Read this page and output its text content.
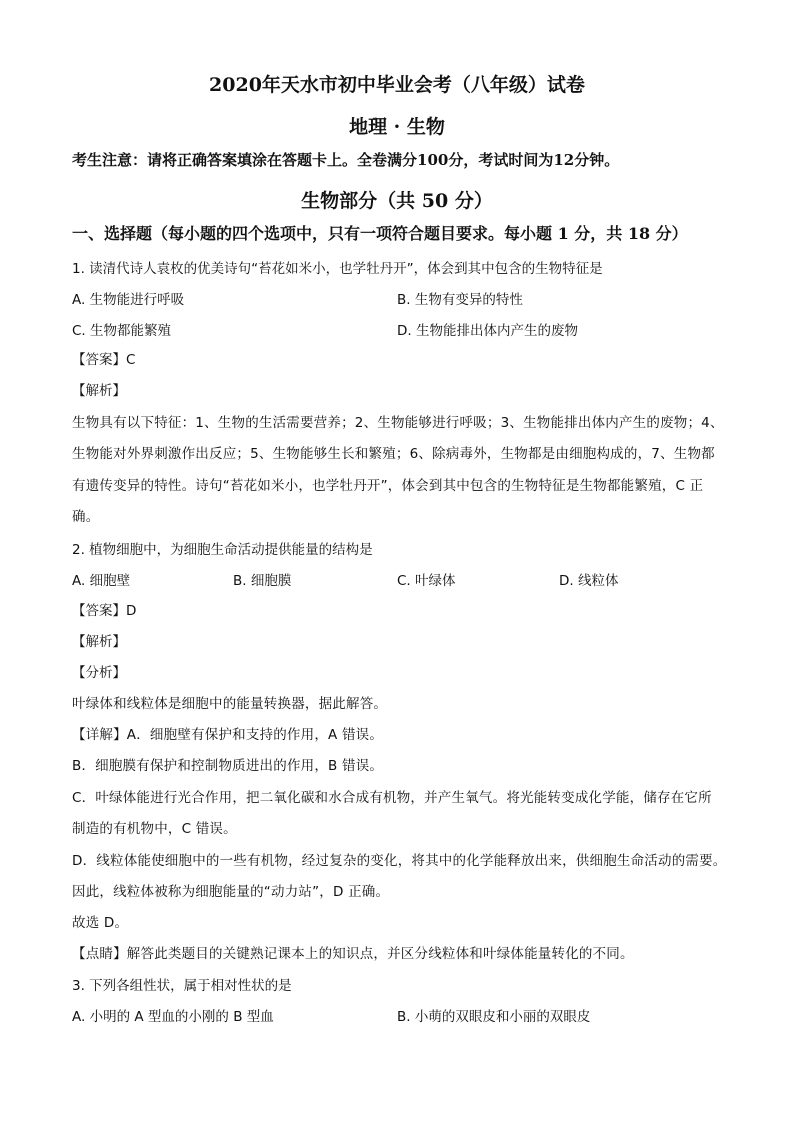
2020年天水市初中毕业会考（八年级）试卷
地理 · 生物
考生注意：请将正确答案填涂在答题卡上。全卷满分100分，考试时间为12分钟。
生物部分（共 50 分）
一、选择题（每小题的四个选项中，只有一项符合题目要求。每小题 1 分，共 18 分）
1. 读清代诗人袁枚的优美诗句“苔花如米小，也学牡丹开”，体会到其中包含的生物特征是
A. 生物能进行呼吸	B. 生物有变异的特性
C. 生物都能繁殖	D. 生物能排出体内产生的废物
【答案】C
【解析】
生物具有以下特征：1、生物的生活需要营养；2、生物能够进行呼吸；3、生物能排出体内产生的废物；4、
生物能对外界刺激作出反应；5、生物能够生长和繁殖；6、除病毒外，生物都是由细胞构成的，7、生物都
有遗传变异的特性。诗句“苔花如米小，也学牡丹开”，体会到其中包含的生物特征是生物都能繁殖，C 正
确。
2. 植物细胞中，为细胞生命活动提供能量的结构是
A. 细胞壁	B. 细胞膜	C. 叶绿体	D. 线粒体
【答案】D
【解析】
【分析】
叶绿体和线粒体是细胞中的能量转换器，据此解答。
【详解】A．细胞壁有保护和支持的作用，A 错误。
B．细胞膜有保护和控制物质进出的作用，B 错误。
C．叶绿体能进行光合作用，把二氧化碳和水合成有机物，并产生氧气。将光能转变成化学能，储存在它所
制造的有机物中，C 错误。
D．线粒体能使细胞中的一些有机物，经过复杂的变化，将其中的化学能释放出来，供细胞生命活动的需要。
因此，线粒体被称为细胞能量的“动力站”，D 正确。
故选 D。
【点睛】解答此类题目的关键熟记课本上的知识点，并区分线粒体和叶绿体能量转化的不同。
3. 下列各组性状，属于相对性状的是
A. 小明的 A 型血的小刚的 B 型血	B. 小萌的双眼皮和小丽的双眼皮
